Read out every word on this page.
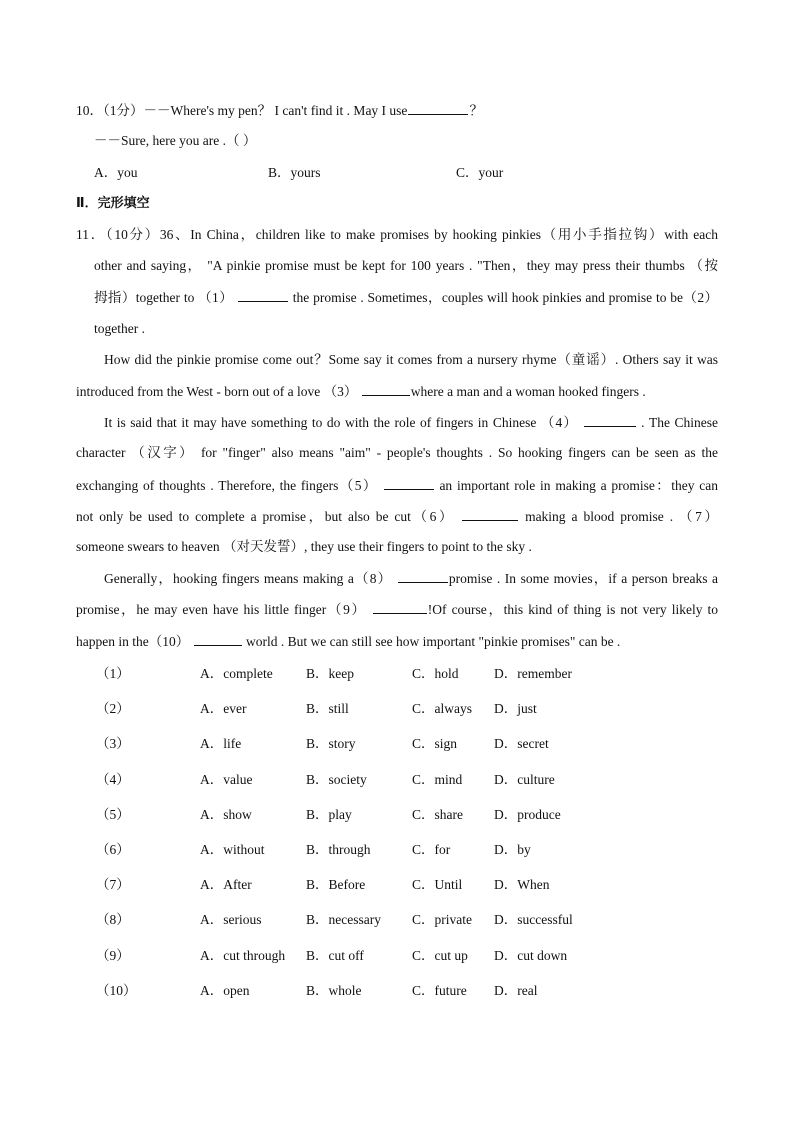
10．（1分）－－Where's my pen？ I can't find it . May I use	？
－－Sure, here you are .（ ）
A．you	B．yours	C．your
Ⅱ．完形填空
11．（10分）36、In China，children like to make promises by hooking pinkies（用小手指拉钩）with each
other and saying， "A pinkie promise must be kept for 100 years . "Then，they may press their thumbs （按
拇指）together to （1）	the promise . Sometimes，couples will hook pinkies and promise to be（2）
together .
How did the pinkie promise come out？Some say it comes from a nursery rhyme（童谣）. Others say it was
introduced from the West - born out of a love （3）	where a man and a woman hooked fingers .
It is said that it may have something to do with the role of fingers in Chinese （4）	. The Chinese
character （汉字） for "finger" also means "aim" - people's thoughts . So hooking fingers can be seen as the
exchanging of thoughts . Therefore, the fingers（5）	an important role in making a promise：they can
not only be used to complete a promise，but also be cut（6）	making a blood promise . （7）
someone swears to heaven （对天发誓）, they use their fingers to point to the sky .
Generally，hooking fingers means making a（8）	promise . In some movies，if a person breaks a
promise，he may even have his little finger（9）	!Of course，this kind of thing is not very likely to
happen in the（10）	world . But we can still see how important "pinkie promises" can be .
（1）	A．complete B．keep	C．hold	D．remember
（2）	A．ever	B．still	C．always D．just
（3）	A．life	B．story	C．sign	D．secret
（4）	A．value	B．society	C．mind D．culture
（5）	A．show	B．play	C．share D．produce
（6）	A．without	B．through	C．for	D．by
（7）	A．After	B．Before	C．Until D．When
（8）	A．serious	B．necessary C．private D．successful
（9）	A．cut through B．cut off	C．cut up D．cut down
（10）	A．open	B．whole	C．future D．real
